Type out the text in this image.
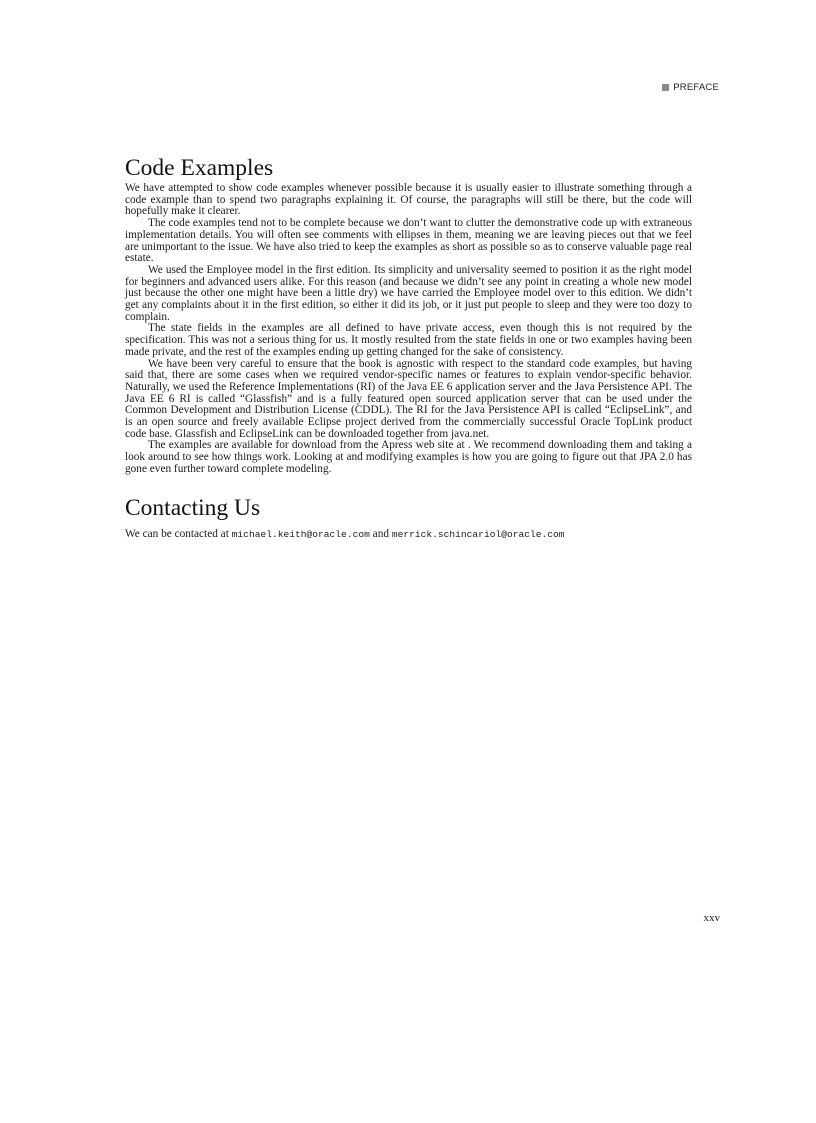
PREFACE
Code Examples

We have attempted to show code examples whenever possible because it is usually easier to illustrate something through a code example than to spend two paragraphs explaining it. Of course, the paragraphs will still be there, but the code will hopefully make it clearer.

The code examples tend not to be complete because we don’t want to clutter the demonstrative code up with extraneous implementation details. You will often see comments with ellipses in them, meaning we are leaving pieces out that we feel are unimportant to the issue. We have also tried to keep the examples as short as possible so as to conserve valuable page real estate.

We used the Employee model in the first edition. Its simplicity and universality seemed to position it as the right model for beginners and advanced users alike. For this reason (and because we didn’t see any point in creating a whole new model just because the other one might have been a little dry) we have carried the Employee model over to this edition. We didn’t get any complaints about it in the first edition, so either it did its job, or it just put people to sleep and they were too dozy to complain.

The state fields in the examples are all defined to have private access, even though this is not required by the specification. This was not a serious thing for us. It mostly resulted from the state fields in one or two examples having been made private, and the rest of the examples ending up getting changed for the sake of consistency.

We have been very careful to ensure that the book is agnostic with respect to the standard code examples, but having said that, there are some cases when we required vendor-specific names or features to explain vendor-specific behavior. Naturally, we used the Reference Implementations (RI) of the Java EE 6 application server and the Java Persistence API. The Java EE 6 RI is called “Glassfish” and is a fully featured open sourced application server that can be used under the Common Development and Distribution License (CDDL). The RI for the Java Persistence API is called “EclipseLink”, and is an open source and freely available Eclipse project derived from the commercially successful Oracle TopLink product code base. Glassfish and EclipseLink can be downloaded together from java.net.

The examples are available for download from the Apress web site at . We recommend downloading them and taking a look around to see how things work. Looking at and modifying examples is how you are going to figure out that JPA 2.0 has gone even further toward complete modeling.

Contacting Us

We can be contacted at michael.keith@oracle.com and merrick.schincariol@oracle.com

xxv
